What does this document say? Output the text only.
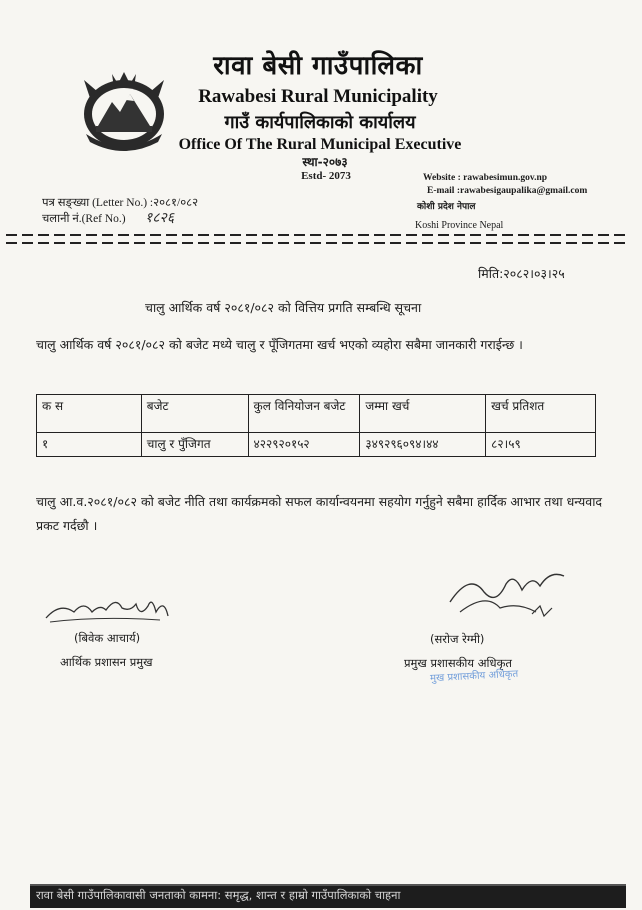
रावा बेसी गाउँपालिका
Rawabesi Rural Municipality
गाउँ कार्यपालिकाको कार्यालय
Office Of The Rural Municipal Executive
स्था-२०७३
Estd- 2073	Website : rawabesimun.gov.np
E-mail :rawabesigaupalika@gmail.com
कोशी प्रदेश नेपाल
Koshi Province Nepal
पत्र सङ्ख्या (Letter No.) :२०८१/०८२
चलानी नं.(Ref No.) १८२६
मिति:२०८२।०३।२५
चालु आर्थिक वर्ष २०८१/०८२ को वित्तिय प्रगति सम्बन्धि सूचना
चालु आर्थिक वर्ष २०८१/०८२ को बजेट मध्ये चालु र पूँजिगतमा खर्च भएको व्यहोरा सबैमा जानकारी गराईन्छ ।
क स	बजेट	कुल विनियोजन बजेट	जम्मा खर्च	खर्च प्रतिशत
१	चालु र पुँजिगत	४२२९२०१५२	३४९२९६०९४।४४	८२।५९
चालु आ.व.२०८१/०८२ को बजेट नीति तथा कार्यक्रमको सफल कार्यान्वयनमा सहयोग गर्नुहुने सबैमा हार्दिक आभार तथा धन्यवाद प्रकट गर्दछौ ।
(बिवेक आचार्य)
आर्थिक प्रशासन प्रमुख
(सरोज रेग्मी)
प्रमुख प्रशासकीय अधिकृत
मुख प्रशासकीय अधिकृत
रावा बेसी गाउँपालिकावासी जनताको कामना: समृद्ध, शान्त र हाम्रो गाउँपालिकाको चाहना
